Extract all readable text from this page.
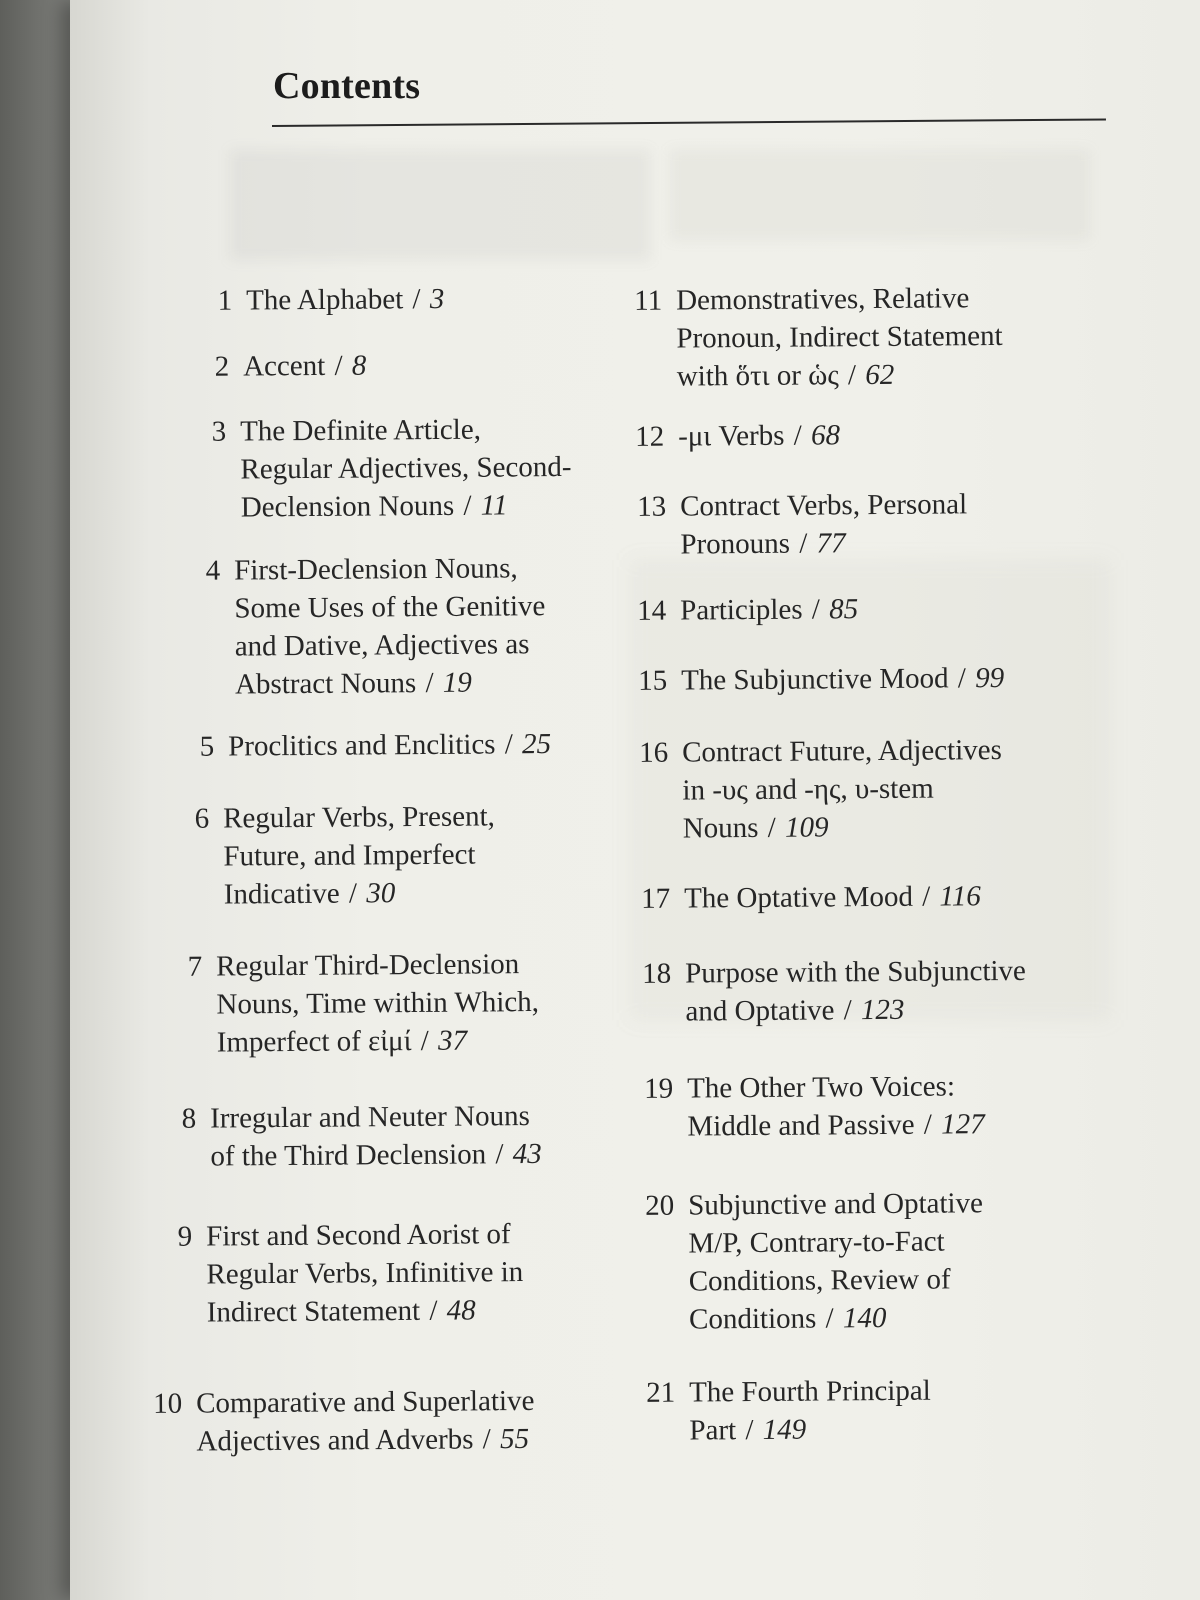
Contents
1 The Alphabet / 3
2 Accent / 8
3 The Definite Article,
Regular Adjectives, Second-
Declension Nouns / 11
4 First-Declension Nouns,
Some Uses of the Genitive
and Dative, Adjectives as
Abstract Nouns / 19
5 Proclitics and Enclitics / 25
6 Regular Verbs, Present,
Future, and Imperfect
Indicative / 30
7 Regular Third-Declension
Nouns, Time within Which,
Imperfect of εἰμί / 37
8 Irregular and Neuter Nouns
of the Third Declension / 43
9 First and Second Aorist of
Regular Verbs, Infinitive in
Indirect Statement / 48
10 Comparative and Superlative
Adjectives and Adverbs / 55
11 Demonstratives, Relative
Pronoun, Indirect Statement
with ὅτι or ὡς / 62
12 -μι Verbs / 68
13 Contract Verbs, Personal
Pronouns / 77
14 Participles / 85
15 The Subjunctive Mood / 99
16 Contract Future, Adjectives
in -υς and -ης, υ-stem
Nouns / 109
17 The Optative Mood / 116
18 Purpose with the Subjunctive
and Optative / 123
19 The Other Two Voices:
Middle and Passive / 127
20 Subjunctive and Optative
M/P, Contrary-to-Fact
Conditions, Review of
Conditions / 140
21 The Fourth Principal
Part / 149
